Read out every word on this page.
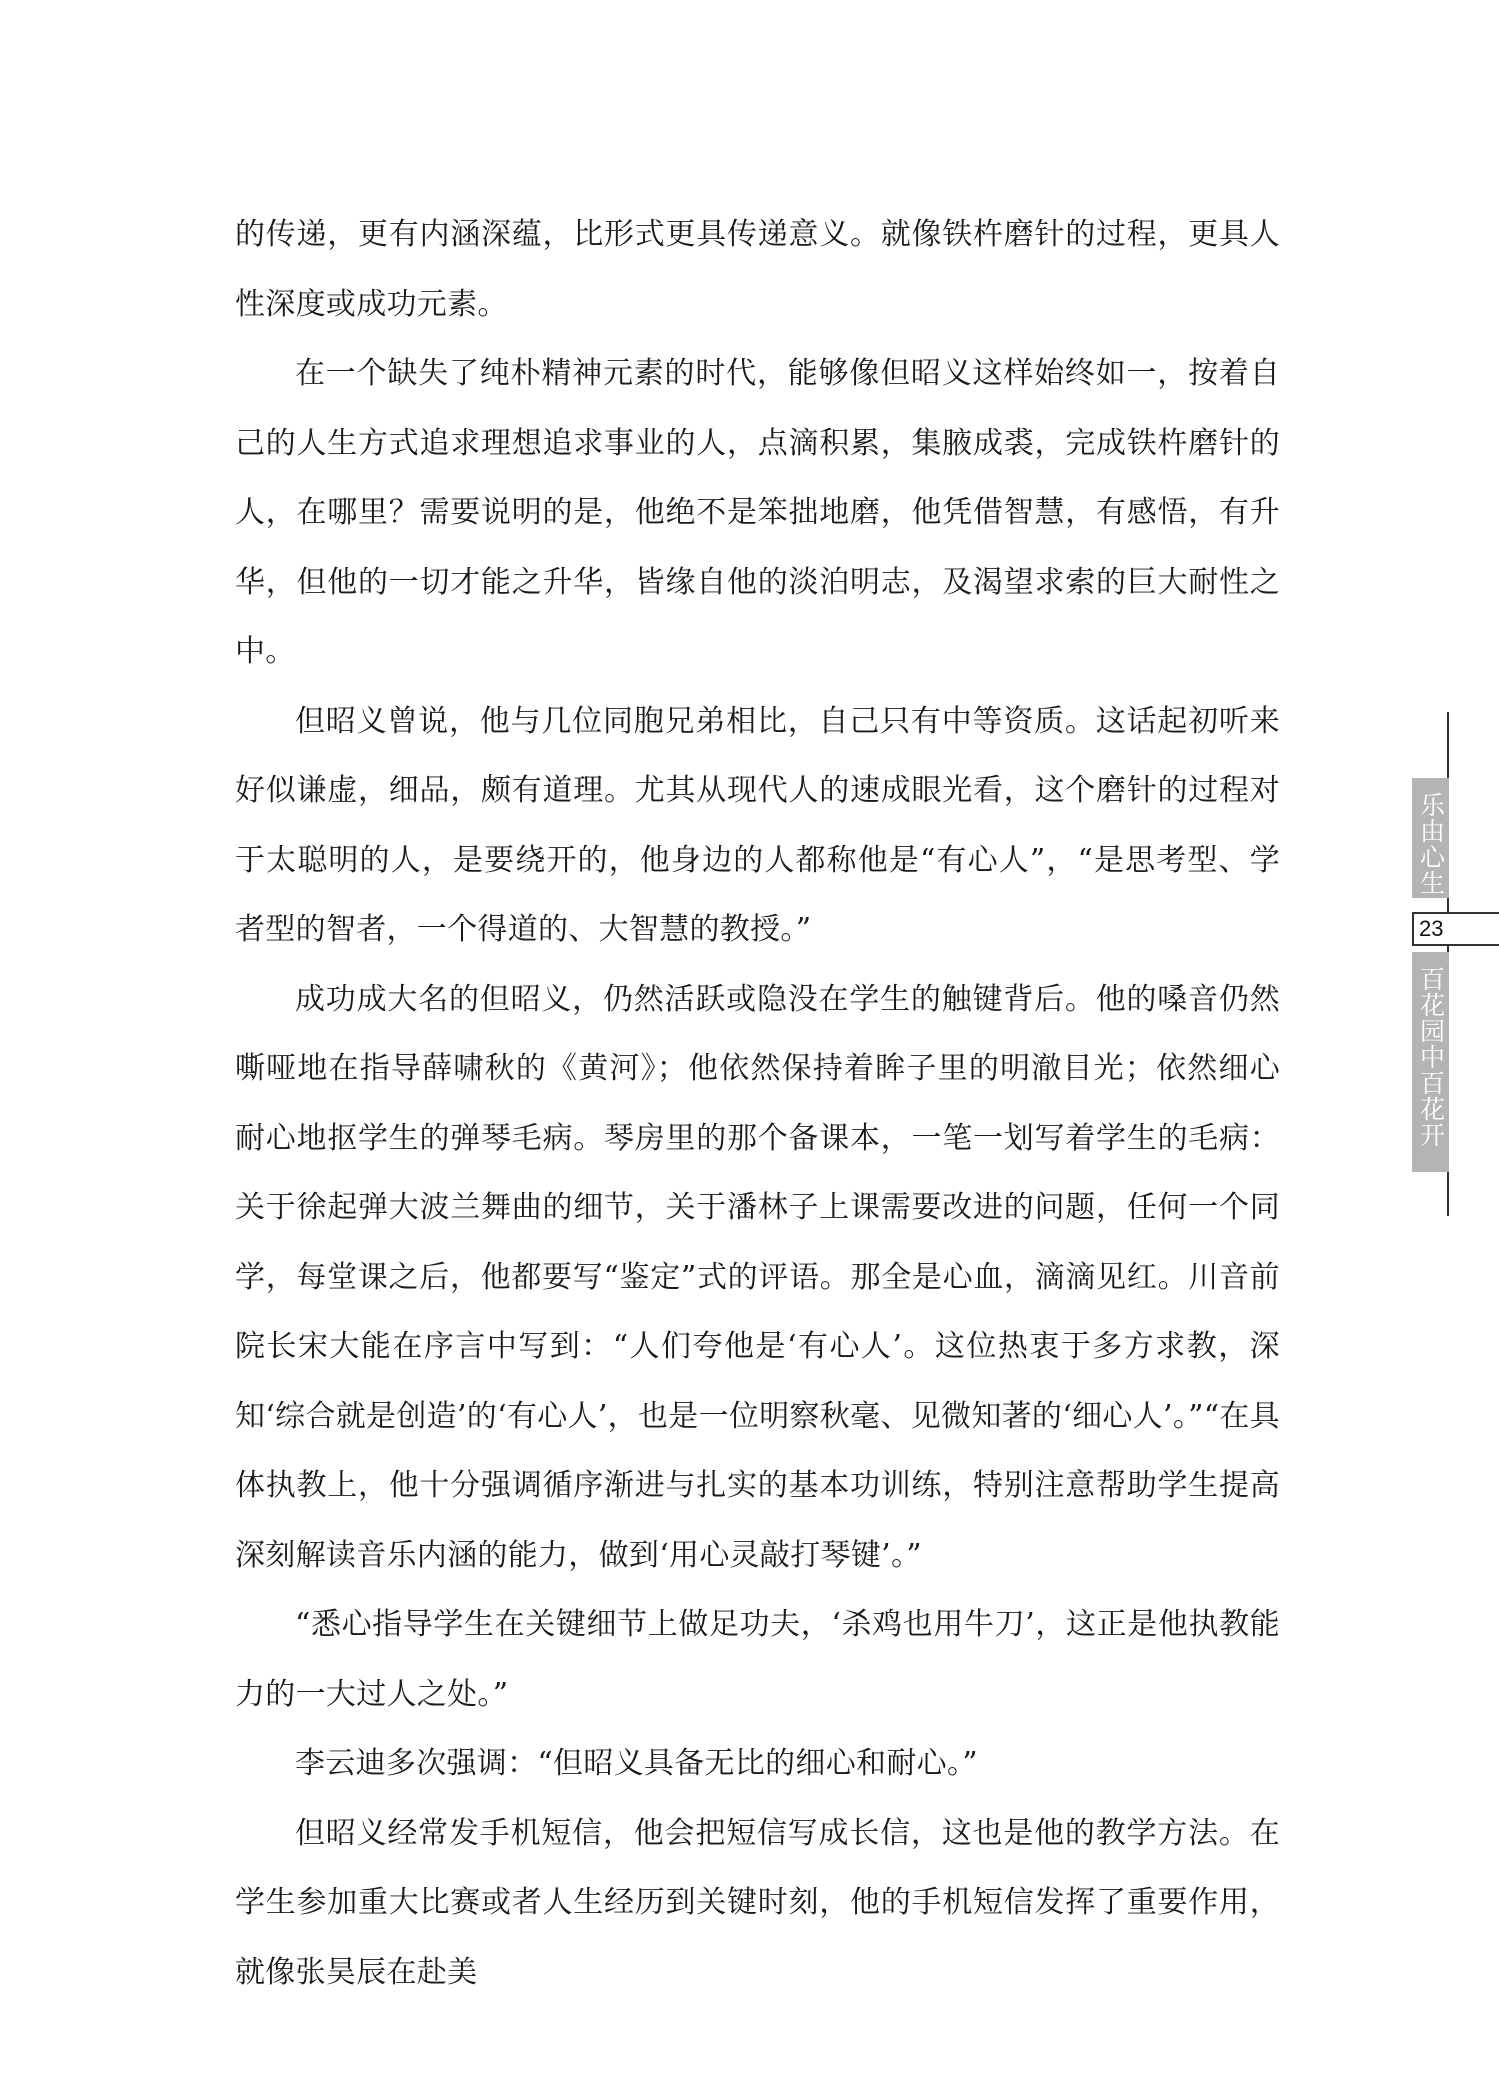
的传递，更有内涵深蕴，比形式更具传递意义。就像铁杵磨针的过程，更具人性深度或成功元素。

在一个缺失了纯朴精神元素的时代，能够像但昭义这样始终如一，按着自己的人生方式追求理想追求事业的人，点滴积累，集腋成裘，完成铁杵磨针的人，在哪里？需要说明的是，他绝不是笨拙地磨，他凭借智慧，有感悟，有升华，但他的一切才能之升华，皆缘自他的淡泊明志，及渴望求索的巨大耐性之中。

但昭义曾说，他与几位同胞兄弟相比，自己只有中等资质。这话起初听来好似谦虚，细品，颇有道理。尤其从现代人的速成眼光看，这个磨针的过程对于太聪明的人，是要绕开的，他身边的人都称他是“有心人”，“是思考型、学者型的智者，一个得道的、大智慧的教授。”

成功成大名的但昭义，仍然活跃或隐没在学生的触键背后。他的嗓音仍然嘶哑地在指导薛啸秋的《黄河》；他依然保持着眸子里的明澈目光；依然细心耐心地抠学生的弹琴毛病。琴房里的那个备课本，一笔一划写着学生的毛病：关于徐起弹大波兰舞曲的细节，关于潘林子上课需要改进的问题，任何一个同学，每堂课之后，他都要写“鉴定”式的评语。那全是心血，滴滴见红。川音前院长宋大能在序言中写到：“人们夸他是‘有心人’。这位热衷于多方求教，深知‘综合就是创造’的‘有心人’，也是一位明察秋毫、见微知著的‘细心人’。”“在具体执教上，他十分强调循序渐进与扎实的基本功训练，特别注意帮助学生提高深刻解读音乐内涵的能力，做到‘用心灵敲打琴键’。”

“悉心指导学生在关键细节上做足功夫，‘杀鸡也用牛刀’，这正是他执教能力的一大过人之处。”

李云迪多次强调：“但昭义具备无比的细心和耐心。”

但昭义经常发手机短信，他会把短信写成长信，这也是他的教学方法。在学生参加重大比赛或者人生经历到关键时刻，他的手机短信发挥了重要作用，就像张昊辰在赴美

乐由心生
23
百花园中百花开
